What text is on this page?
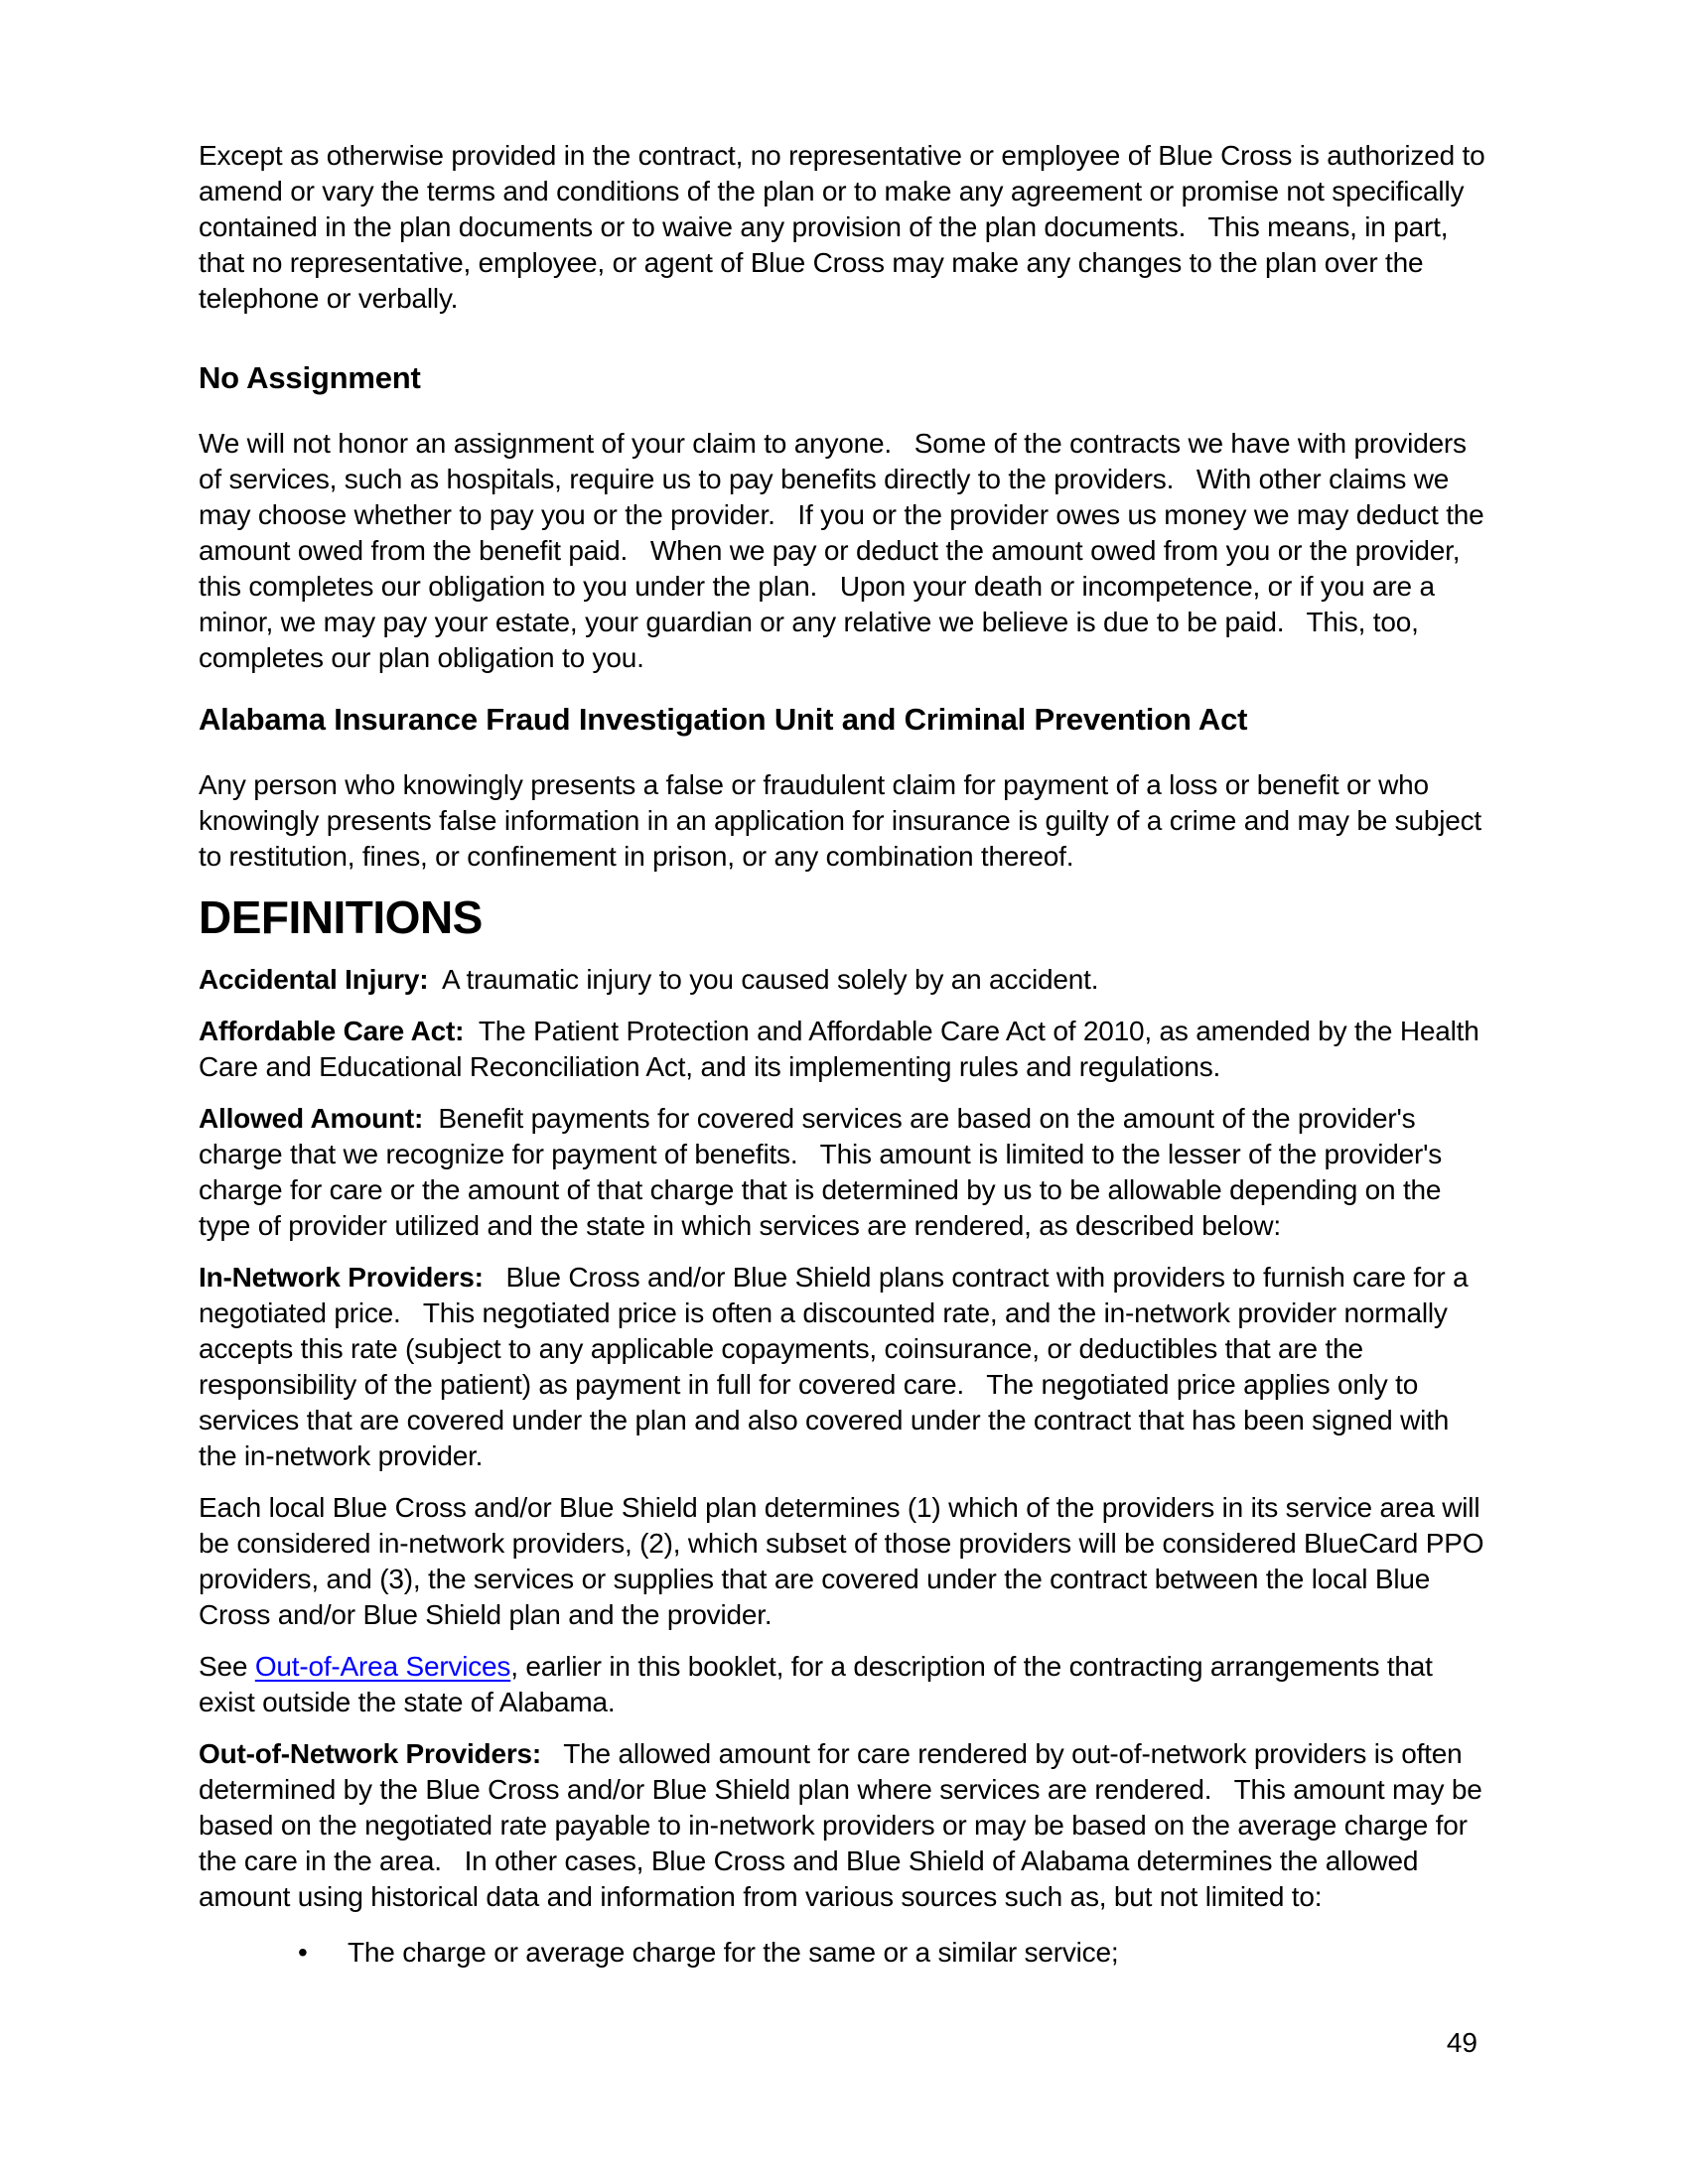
Except as otherwise provided in the contract, no representative or employee of Blue Cross is authorized to amend or vary the terms and conditions of the plan or to make any agreement or promise not specifically contained in the plan documents or to waive any provision of the plan documents.   This means, in part, that no representative, employee, or agent of Blue Cross may make any changes to the plan over the telephone or verbally.

No Assignment

We will not honor an assignment of your claim to anyone.   Some of the contracts we have with providers of services, such as hospitals, require us to pay benefits directly to the providers.   With other claims we may choose whether to pay you or the provider.   If you or the provider owes us money we may deduct the amount owed from the benefit paid.   When we pay or deduct the amount owed from you or the provider, this completes our obligation to you under the plan.   Upon your death or incompetence, or if you are a minor, we may pay your estate, your guardian or any relative we believe is due to be paid.   This, too, completes our plan obligation to you.

Alabama Insurance Fraud Investigation Unit and Criminal Prevention Act

Any person who knowingly presents a false or fraudulent claim for payment of a loss or benefit or who knowingly presents false information in an application for insurance is guilty of a crime and may be subject to restitution, fines, or confinement in prison, or any combination thereof.

DEFINITIONS

Accidental Injury:  A traumatic injury to you caused solely by an accident.

Affordable Care Act:  The Patient Protection and Affordable Care Act of 2010, as amended by the Health Care and Educational Reconciliation Act, and its implementing rules and regulations.

Allowed Amount:  Benefit payments for covered services are based on the amount of the provider's charge that we recognize for payment of benefits.   This amount is limited to the lesser of the provider's charge for care or the amount of that charge that is determined by us to be allowable depending on the type of provider utilized and the state in which services are rendered, as described below:

In-Network Providers:   Blue Cross and/or Blue Shield plans contract with providers to furnish care for a negotiated price.   This negotiated price is often a discounted rate, and the in-network provider normally accepts this rate (subject to any applicable copayments, coinsurance, or deductibles that are the responsibility of the patient) as payment in full for covered care.   The negotiated price applies only to services that are covered under the plan and also covered under the contract that has been signed with the in-network provider.

Each local Blue Cross and/or Blue Shield plan determines (1) which of the providers in its service area will be considered in-network providers, (2), which subset of those providers will be considered BlueCard PPO providers, and (3), the services or supplies that are covered under the contract between the local Blue Cross and/or Blue Shield plan and the provider.

See Out-of-Area Services, earlier in this booklet, for a description of the contracting arrangements that exist outside the state of Alabama.

Out-of-Network Providers:   The allowed amount for care rendered by out-of-network providers is often determined by the Blue Cross and/or Blue Shield plan where services are rendered.   This amount may be based on the negotiated rate payable to in-network providers or may be based on the average charge for the care in the area.   In other cases, Blue Cross and Blue Shield of Alabama determines the allowed amount using historical data and information from various sources such as, but not limited to:

•	The charge or average charge for the same or a similar service;
49
